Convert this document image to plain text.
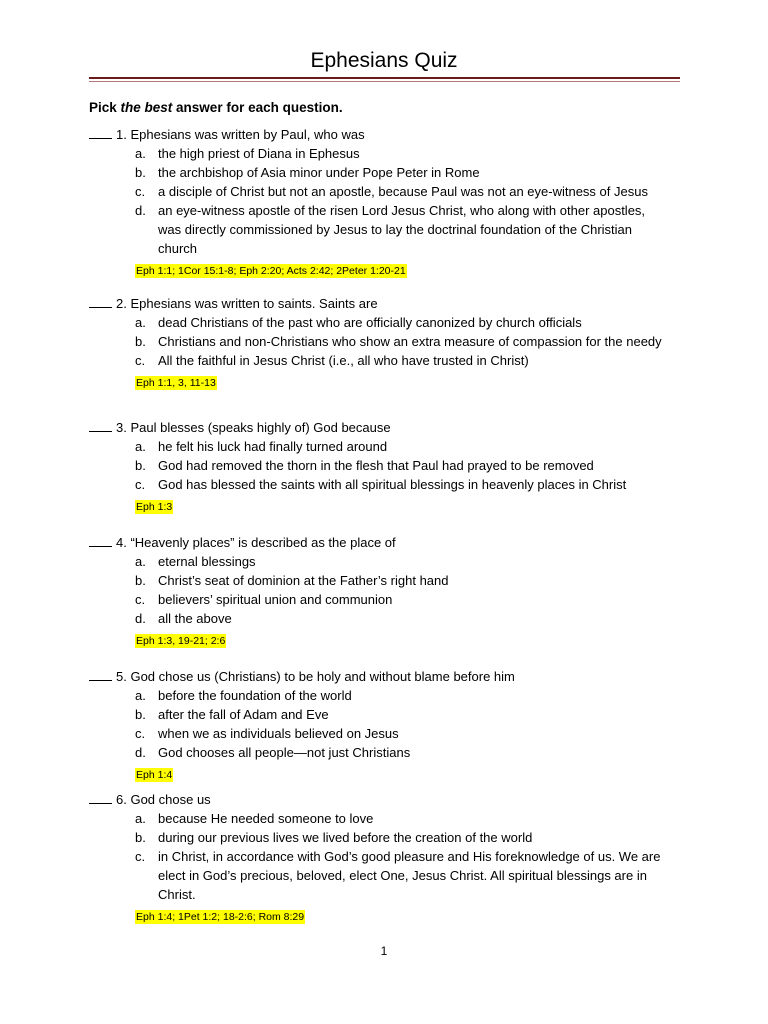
Ephesians Quiz
Pick the best answer for each question.
1. Ephesians was written by Paul, who was
a. the high priest of Diana in Ephesus
b. the archbishop of Asia minor under Pope Peter in Rome
c. a disciple of Christ but not an apostle, because Paul was not an eye-witness of Jesus
d. an eye-witness apostle of the risen Lord Jesus Christ, who along with other apostles, was directly commissioned by Jesus to lay the doctrinal foundation of the Christian church
Eph 1:1; 1Cor 15:1-8; Eph 2:20; Acts 2:42; 2Peter 1:20-21
2. Ephesians was written to saints. Saints are
a. dead Christians of the past who are officially canonized by church officials
b. Christians and non-Christians who show an extra measure of compassion for the needy
c. All the faithful in Jesus Christ (i.e., all who have trusted in Christ)
Eph 1:1, 3, 11-13
3. Paul blesses (speaks highly of) God because
a. he felt his luck had finally turned around
b. God had removed the thorn in the flesh that Paul had prayed to be removed
c. God has blessed the saints with all spiritual blessings in heavenly places in Christ
Eph 1:3
4. “Heavenly places” is described as the place of
a. eternal blessings
b. Christ’s seat of dominion at the Father’s right hand
c. believers’ spiritual union and communion
d. all the above
Eph 1:3, 19-21; 2:6
5. God chose us (Christians) to be holy and without blame before him
a. before the foundation of the world
b. after the fall of Adam and Eve
c. when we as individuals believed on Jesus
d. God chooses all people—not just Christians
Eph 1:4
6. God chose us
a. because He needed someone to love
b. during our previous lives we lived before the creation of the world
c. in Christ, in accordance with God’s good pleasure and His foreknowledge of us. We are elect in God’s precious, beloved, elect One, Jesus Christ. All spiritual blessings are in Christ.
Eph 1:4; 1Pet 1:2; 18-2:6; Rom 8:29
1
